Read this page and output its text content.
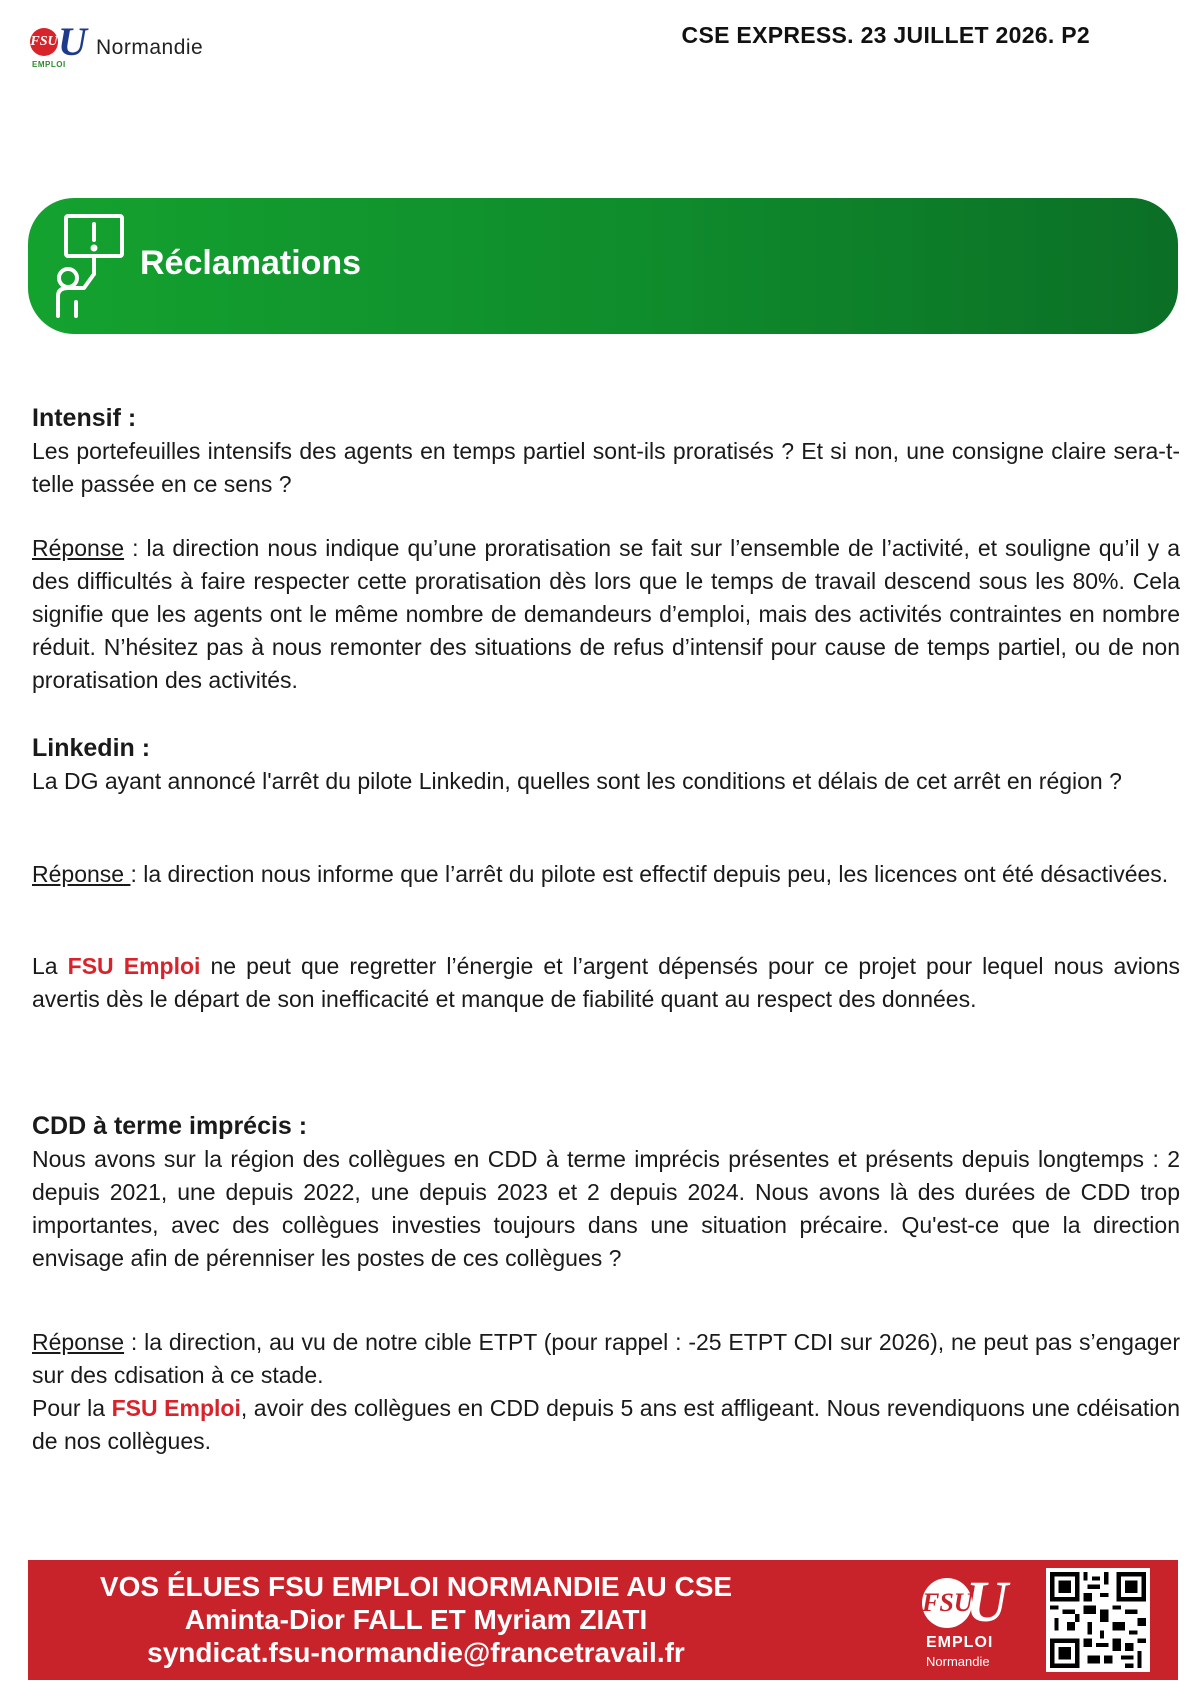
FSU U
EMPLOI
Normandie	CSE EXPRESS. 23 JUILLET 2026. P2
Réclamations
Intensif :
Les portefeuilles intensifs des agents en temps partiel sont-ils proratisés ? Et si non, une consigne claire sera-t-telle passée en ce sens ?
Réponse : la direction nous indique qu’une proratisation se fait sur l’ensemble de l’activité, et souligne qu’il y a des difficultés à faire respecter cette proratisation dès lors que le temps de travail descend sous les 80%. Cela signifie que les agents ont le même nombre de demandeurs d’emploi, mais des activités contraintes en nombre réduit. N’hésitez pas à nous remonter des situations de refus d’intensif pour cause de temps partiel, ou de non proratisation des activités.
Linkedin :
La DG ayant annoncé l'arrêt du pilote Linkedin, quelles sont les conditions et délais de cet arrêt en région ?
Réponse : la direction nous informe que l’arrêt du pilote est effectif depuis peu, les licences ont été désactivées.
La FSU Emploi ne peut que regretter l’énergie et l’argent dépensés pour ce projet pour lequel nous avions avertis dès le départ de son inefficacité et manque de fiabilité quant au respect des données.
CDD à terme imprécis :
Nous avons sur la région des collègues en CDD à terme imprécis présentes et présents depuis longtemps : 2 depuis 2021, une depuis 2022, une depuis 2023 et 2 depuis 2024. Nous avons là des durées de CDD trop importantes, avec des collègues investies toujours dans une situation précaire. Qu'est-ce que la direction envisage afin de pérenniser les postes de ces collègues ?
Réponse : la direction, au vu de notre cible ETPT (pour rappel : -25 ETPT CDI sur 2026), ne peut pas s’engager sur des cdisation à ce stade.
Pour la FSU Emploi, avoir des collègues en CDD depuis 5 ans est affligeant. Nous revendiquons une cdéisation de nos collègues.
VOS ÉLUES FSU EMPLOI NORMANDIE AU CSE
Aminta-Dior FALL ET Myriam ZIATI
syndicat.fsu-normandie@francetravail.fr
FSU
U
EMPLOI
Normandie
